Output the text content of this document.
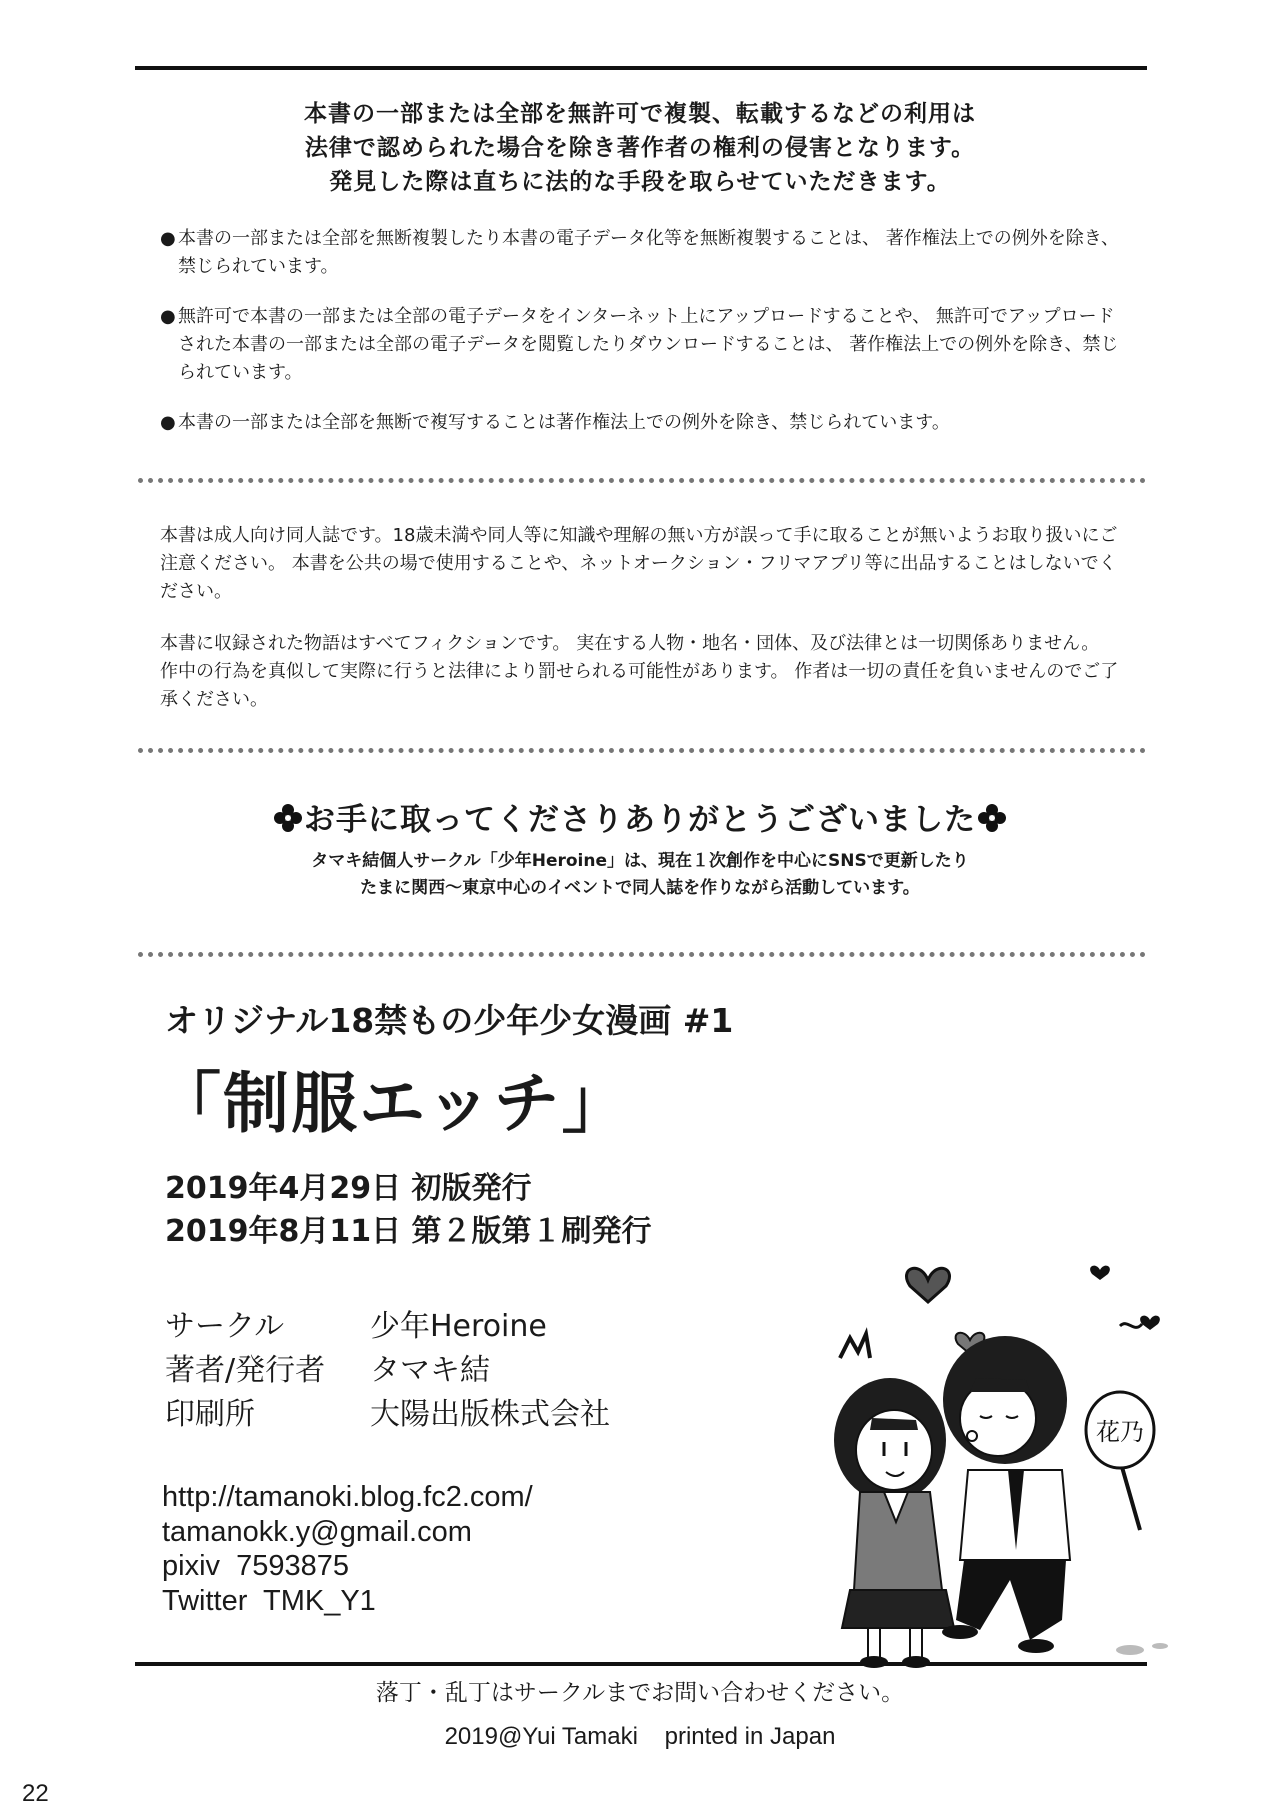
本書の一部または全部を無許可で複製、転載するなどの利用は
法律で認められた場合を除き著作者の権利の侵害となります。
発見した際は直ちに法的な手段を取らせていただきます。
● 本書の一部または全部を無断複製したり本書の電子データ化等を無断複製することは、 著作権法上での例外を除き、禁じられています。
● 無許可で本書の一部または全部の電子データをインターネット上にアップロードすることや、 無許可でアップロードされた本書の一部または全部の電子データを閲覧したりダウンロードすることは、 著作権法上での例外を除き、禁じられています。
● 本書の一部または全部を無断で複写することは著作権法上での例外を除き、禁じられています。
本書は成人向け同人誌です。18歳未満や同人等に知識や理解の無い方が誤って手に取ることが無いようお取り扱いにご注意ください。 本書を公共の場で使用することや、ネットオークション・フリマアプリ等に出品することはしないでください。
本書に収録された物語はすべてフィクションです。 実在する人物・地名・団体、及び法律とは一切関係ありません。 作中の行為を真似して実際に行うと法律により罰せられる可能性があります。 作者は一切の責任を負いませんのでご了承ください。
お手に取ってくださりありがとうございました
タマキ結個人サークル「少年Heroine」は、現在１次創作を中心にSNSで更新したり
たまに関西～東京中心のイベントで同人誌を作りながら活動しています。
オリジナル18禁もの少年少女漫画 #1
「制服エッチ」
2019年4月29日 初版発行
2019年8月11日 第２版第１刷発行
サークル	少年Heroine
著者/発行者	タマキ結
印刷所	大陽出版株式会社
http://tamanoki.blog.fc2.com/
tamanokk.y@gmail.com
pixiv  7593875
Twitter  TMK_Y1
花乃
落丁・乱丁はサークルまでお問い合わせください。
2019@Yui Tamaki    printed in Japan
22
